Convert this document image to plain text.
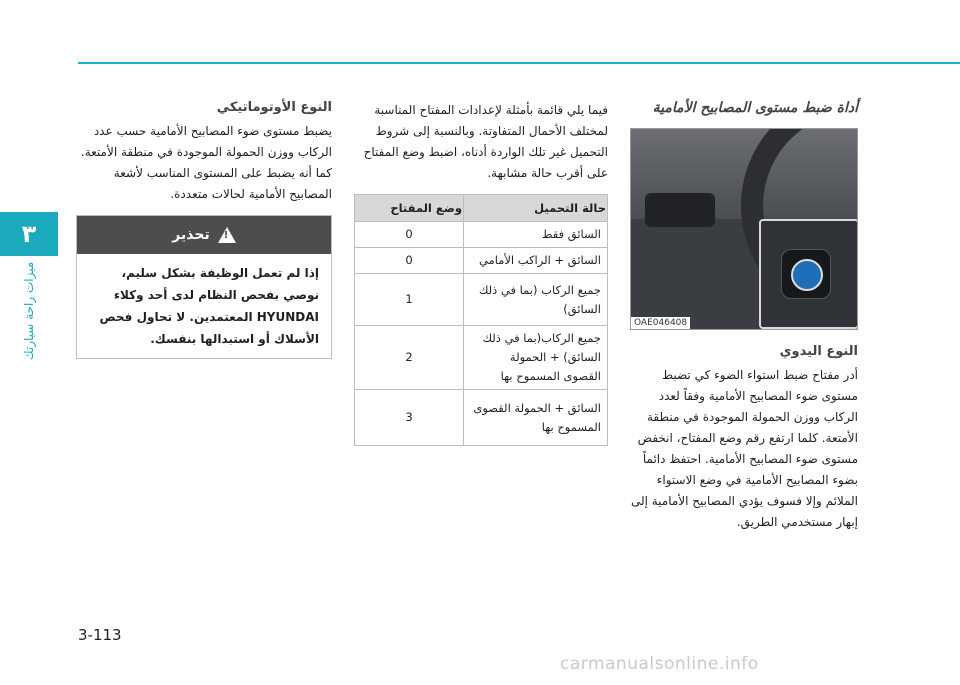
٣
ميزات راحة سيارتك

أداة ضبط مستوى المصابيح الأمامية

OAE046408

النوع اليدوي

أدر مفتاح ضبط استواء الضوء كي تضبط مستوى ضوء المصابيح الأمامية وفقاً لعدد الركاب ووزن الحمولة الموجودة في منطقة الأمتعة. كلما ارتفع رقم وضع المفتاح، انخفض مستوى ضوء المصابيح الأمامية. احتفظ دائماً بضوء المصابيح الأمامية في وضع الاستواء الملائم وإلا فسوف يؤدي المصابيح الأمامية إلى إبهار مستخدمي الطريق.

فيما يلي قائمة بأمثلة لإعدادات المفتاح المناسبة لمختلف الأحمال المتفاوتة. وبالنسبة إلى شروط التحميل غير تلك الواردة أدناه، اضبط وضع المفتاح على أقرب حالة مشابهة.

حالة التحميل	وضع المفتاح
السائق فقط	0
السائق + الراكب الأمامي	0
جميع الركاب (بما في ذلك السائق)	1
جميع الركاب(بما في ذلك السائق) + الحمولة القصوى المسموح بها	2
السائق + الحمولة القصوى المسموح بها	3

النوع الأوتوماتيكي

يضبط مستوى ضوء المصابيح الأمامية حسب عدد الركاب ووزن الحمولة الموجودة في منطقة الأمتعة. كما أنه يضبط على المستوى المناسب لأشعة المصابيح الأمامية لحالات متعددة.

!
تحذير
إذا لم تعمل الوظيفة بشكل سليم، نوصي بفحص النظام لدى أحد وكلاء HYUNDAI المعتمدين. لا تحاول فحص الأسلاك أو استبدالها بنفسك.
3-113
carmanualsonline.info
